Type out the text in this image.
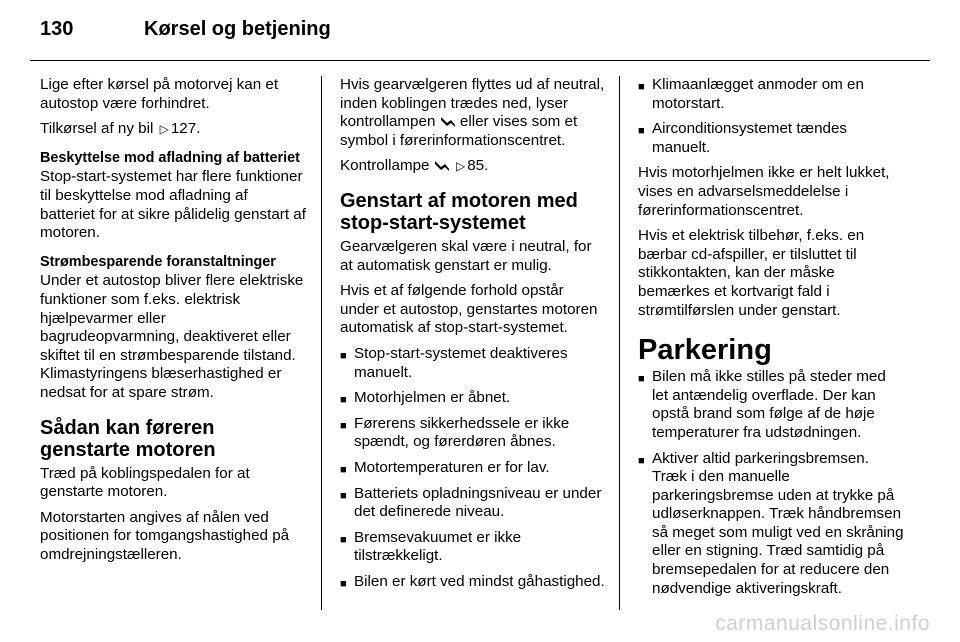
130	Kørsel og betjening

Lige efter kørsel på motorvej kan et autostop være forhindret.

Tilkørsel af ny bil ▷ 127.

Beskyttelse mod afladning af batteriet

Stop-start-systemet har flere funktioner til beskyttelse mod afladning af batteriet for at sikre pålidelig genstart af motoren.

Strømbesparende foranstaltninger

Under et autostop bliver flere elektriske funktioner som f.eks. elektrisk hjælpevarmer eller bagrudeopvarmning, deaktiveret eller skiftet til en strømbesparende tilstand. Klimastyringens blæserhastighed er nedsat for at spare strøm.

Sådan kan føreren genstarte motoren

Træd på koblingspedalen for at genstarte motoren.

Motorstarten angives af nålen ved positionen for tomgangshastighed på omdrejningstælleren.

Hvis gearvælgeren flyttes ud af neutral, inden koblingen trædes ned, lyser kontrollampen eller vises som et symbol i førerinformationscentret.

Kontrollampe ▷ 85.

Genstart af motoren med stop-start-systemet

Gearvælgeren skal være i neutral, for at automatisk genstart er mulig.

Hvis et af følgende forhold opstår under et autostop, genstartes motoren automatisk af stop-start-systemet.

■ Stop-start-systemet deaktiveres manuelt.
■ Motorhjelmen er åbnet.
■ Førerens sikkerhedssele er ikke spændt, og førerdøren åbnes.
■ Motortemperaturen er for lav.
■ Batteriets opladningsniveau er under det definerede niveau.
■ Bremsevakuumet er ikke tilstrækkeligt.
■ Bilen er kørt ved mindst gåhastighed.
■ Klimaanlægget anmoder om en motorstart.
■ Airconditionsystemet tændes manuelt.

Hvis motorhjelmen ikke er helt lukket, vises en advarselsmeddelelse i førerinformationscentret.

Hvis et elektrisk tilbehør, f.eks. en bærbar cd-afspiller, er tilsluttet til stikkontakten, kan der måske bemærkes et kortvarigt fald i strømtilførslen under genstart.

Parkering
■ Bilen må ikke stilles på steder med let antændelig overflade. Der kan opstå brand som følge af de høje temperaturer fra udstødningen.
■ Aktiver altid parkeringsbremsen. Træk i den manuelle parkeringsbremse uden at trykke på udløserknappen. Træk håndbremsen så meget som muligt ved en skråning eller en stigning. Træd samtidig på bremsepedalen for at reducere den nødvendige aktiveringskraft.
carmanualsonline.info
